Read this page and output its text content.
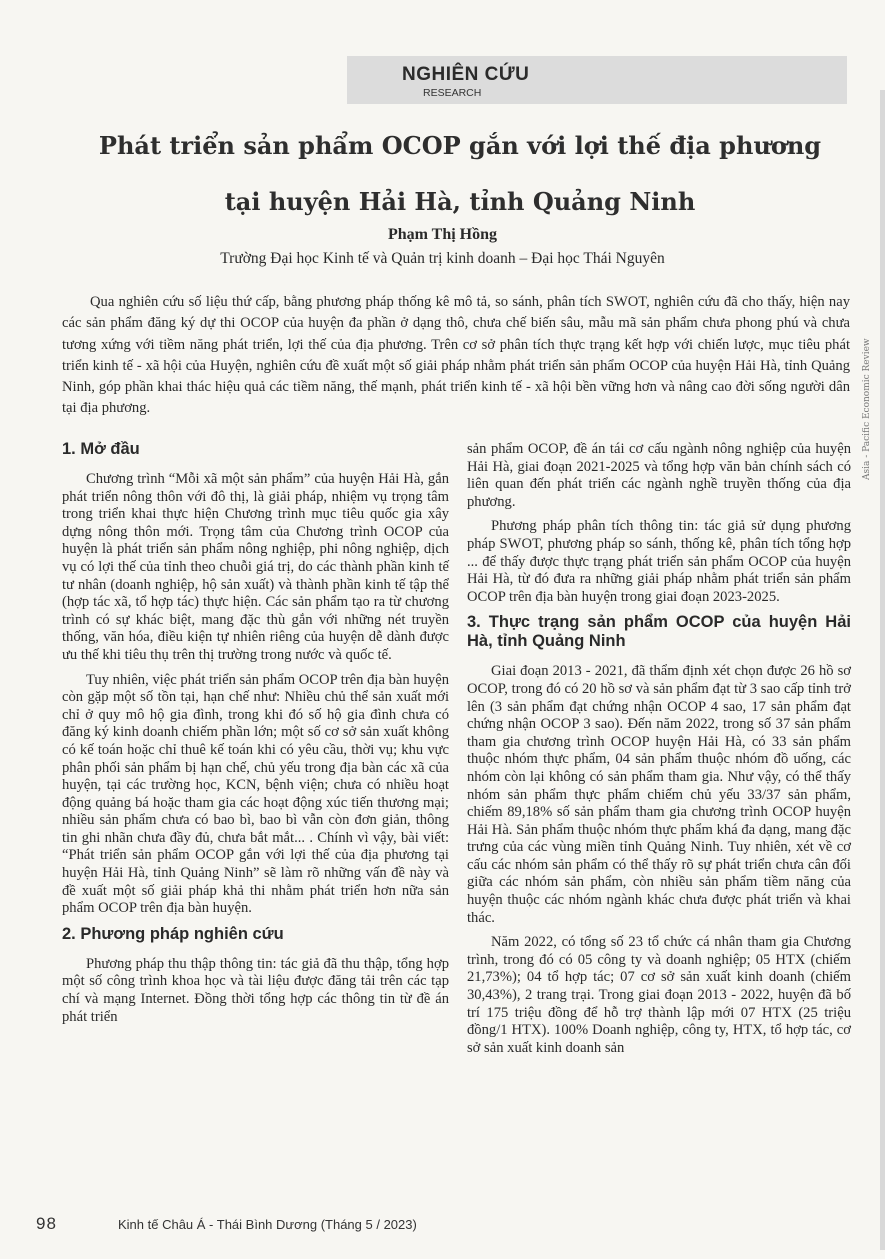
NGHIÊN CỨU
RESEARCH
Asia - Pacific Economic Review
Phát triển sản phẩm OCOP gắn với lợi thế địa phương
tại huyện Hải Hà, tỉnh Quảng Ninh
Phạm Thị Hồng
Trường Đại học Kinh tế và Quản trị kinh doanh – Đại học Thái Nguyên

Qua nghiên cứu số liệu thứ cấp, bằng phương pháp thống kê mô tả, so sánh, phân tích SWOT, nghiên cứu đã cho thấy, hiện nay các sản phẩm đăng ký dự thi OCOP của huyện đa phần ở dạng thô, chưa chế biến sâu, mẫu mã sản phẩm chưa phong phú và chưa tương xứng với tiềm năng phát triển, lợi thế của địa phương. Trên cơ sở phân tích thực trạng kết hợp với chiến lược, mục tiêu phát triển kinh tế - xã hội của Huyện, nghiên cứu đề xuất một số giải pháp nhằm phát triển sản phẩm OCOP của huyện Hải Hà, tỉnh Quảng Ninh, góp phần khai thác hiệu quả các tiềm năng, thế mạnh, phát triển kinh tế - xã hội bền vững hơn và nâng cao đời sống người dân tại địa phương.

1. Mở đầu

Chương trình “Mỗi xã một sản phẩm” của huyện Hải Hà, gắn phát triển nông thôn với đô thị, là giải pháp, nhiệm vụ trọng tâm trong triển khai thực hiện Chương trình mục tiêu quốc gia xây dựng nông thôn mới. Trọng tâm của Chương trình OCOP của huyện là phát triển sản phẩm nông nghiệp, phi nông nghiệp, dịch vụ có lợi thế của tỉnh theo chuỗi giá trị, do các thành phần kinh tế tư nhân (doanh nghiệp, hộ sản xuất) và thành phần kinh tế tập thể (hợp tác xã, tổ hợp tác) thực hiện. Các sản phẩm tạo ra từ chương trình có sự khác biệt, mang đặc thù gắn với những nét truyền thống, văn hóa, điều kiện tự nhiên riêng của huyện dễ dành được ưu thế khi tiêu thụ trên thị trường trong nước và quốc tế.

Tuy nhiên, việc phát triển sản phẩm OCOP trên địa bàn huyện còn gặp một số tồn tại, hạn chế như: Nhiều chủ thể sản xuất mới chỉ ở quy mô hộ gia đình, trong khi đó số hộ gia đình chưa có đăng ký kinh doanh chiếm phần lớn; một số cơ sở sản xuất không có kế toán hoặc chỉ thuê kế toán khi có yêu cầu, thời vụ; khu vực phân phối sản phẩm bị hạn chế, chủ yếu trong địa bàn các xã của huyện, tại các trường học, KCN, bệnh viện; chưa có nhiều hoạt động quảng bá hoặc tham gia các hoạt động xúc tiến thương mại; nhiều sản phẩm chưa có bao bì, bao bì vẫn còn đơn giản, thông tin ghi nhãn chưa đầy đủ, chưa bắt mắt... . Chính vì vậy, bài viết: “Phát triển sản phẩm OCOP gắn với lợi thế của địa phương tại huyện Hải Hà, tỉnh Quảng Ninh” sẽ làm rõ những vấn đề này và đề xuất một số giải pháp khả thi nhằm phát triển hơn nữa sản phẩm OCOP trên địa bàn huyện.

2. Phương pháp nghiên cứu

Phương pháp thu thập thông tin: tác giả đã thu thập, tổng hợp một số công trình khoa học và tài liệu được đăng tải trên các tạp chí và mạng Internet. Đồng thời tổng hợp các thông tin từ đề án phát triển

sản phẩm OCOP, đề án tái cơ cấu ngành nông nghiệp của huyện Hải Hà, giai đoạn 2021-2025 và tổng hợp văn bản chính sách có liên quan đến phát triển các ngành nghề truyền thống của địa phương.

Phương pháp phân tích thông tin: tác giả sử dụng phương pháp SWOT, phương pháp so sánh, thống kê, phân tích tổng hợp ... để thấy được thực trạng phát triển sản phẩm OCOP của huyện Hải Hà, từ đó đưa ra những giải pháp nhằm phát triển sản phẩm OCOP trên địa bàn huyện trong giai đoạn 2023-2025.

3. Thực trạng sản phẩm OCOP của huyện Hải Hà, tỉnh Quảng Ninh

Giai đoạn 2013 - 2021, đã thẩm định xét chọn được 26 hồ sơ OCOP, trong đó có 20 hồ sơ và sản phẩm đạt từ 3 sao cấp tỉnh trở lên (3 sản phẩm đạt chứng nhận OCOP 4 sao, 17 sản phẩm đạt chứng nhận OCOP 3 sao). Đến năm 2022, trong số 37 sản phẩm tham gia chương trình OCOP huyện Hải Hà, có 33 sản phẩm thuộc nhóm thực phẩm, 04 sản phẩm thuộc nhóm đồ uống, các nhóm còn lại không có sản phẩm tham gia. Như vậy, có thể thấy nhóm sản phẩm thực phẩm chiếm chủ yếu 33/37 sản phẩm, chiếm 89,18% số sản phẩm tham gia chương trình OCOP huyện Hải Hà. Sản phẩm thuộc nhóm thực phẩm khá đa dạng, mang đặc trưng của các vùng miền tỉnh Quảng Ninh. Tuy nhiên, xét về cơ cấu các nhóm sản phẩm có thể thấy rõ sự phát triển chưa cân đối giữa các nhóm sản phẩm, còn nhiều sản phẩm tiềm năng của huyện thuộc các nhóm ngành khác chưa được phát triển và khai thác.

Năm 2022, có tổng số 23 tổ chức cá nhân tham gia Chương trình, trong đó có 05 công ty và doanh nghiệp; 05 HTX (chiếm 21,73%); 04 tổ hợp tác; 07 cơ sở sản xuất kinh doanh (chiếm 30,43%), 2 trang trại. Trong giai đoạn 2013 - 2022, huyện đã bố trí 175 triệu đồng để hỗ trợ thành lập mới 07 HTX (25 triệu đồng/1 HTX). 100% Doanh nghiệp, công ty, HTX, tổ hợp tác, cơ sở sản xuất kinh doanh sản

98	Kinh tế Châu Á - Thái Bình Dương (Tháng 5 / 2023)
